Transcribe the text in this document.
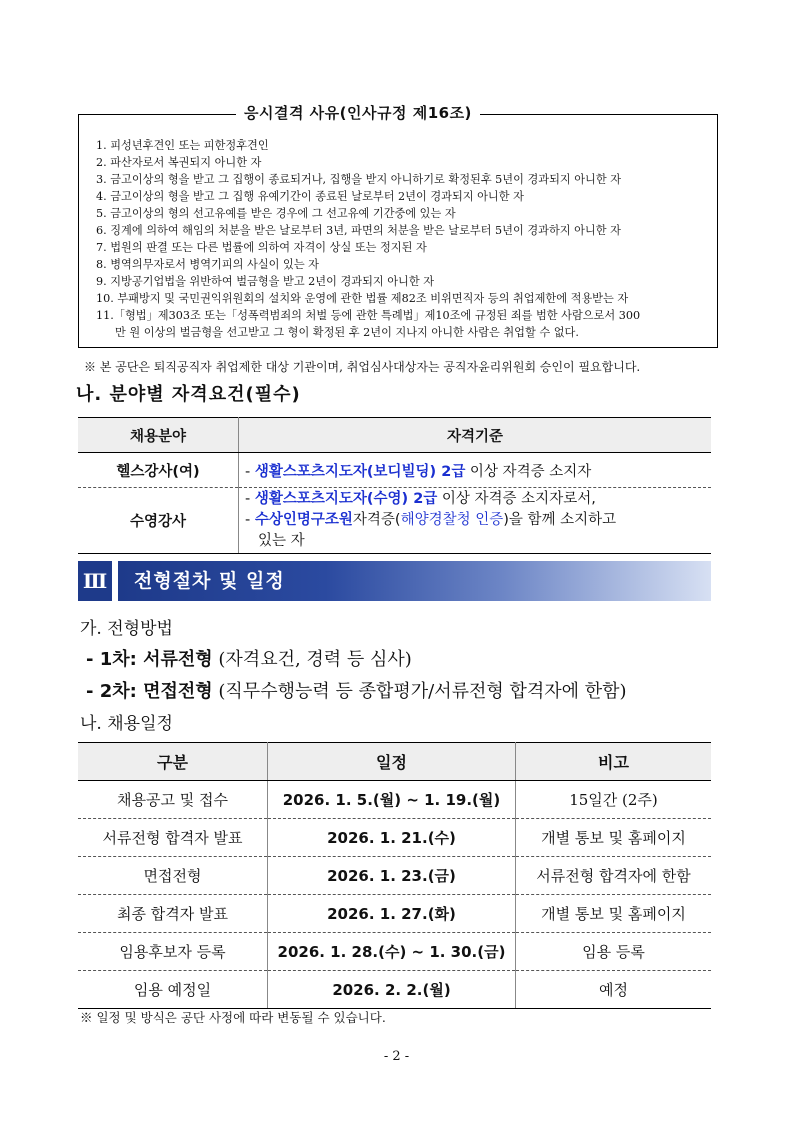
응시결격 사유(인사규정 제16조)
1. 피성년후견인 또는 피한정후견인
2. 파산자로서 복권되지 아니한 자
3. 금고이상의 형을 받고 그 집행이 종료되거나, 집행을 받지 아니하기로 확정된후 5년이 경과되지 아니한 자
4. 금고이상의 형을 받고 그 집행 유예기간이 종료된 날로부터 2년이 경과되지 아니한 자
5. 금고이상의 형의 선고유예를 받은 경우에 그 선고유예 기간중에 있는 자
6. 징계에 의하여 해임의 처분을 받은 날로부터 3년, 파면의 처분을 받은 날로부터 5년이 경과하지 아니한 자
7. 법원의 판결 또는 다른 법률에 의하여 자격이 상실 또는 정지된 자
8. 병역의무자로서 병역기피의 사실이 있는 자
9. 지방공기업법을 위반하여 벌금형을 받고 2년이 경과되지 아니한 자
10. 부패방지 및 국민권익위원회의 설치와 운영에 관한 법률 제82조 비위면직자 등의 취업제한에 적용받는 자
11.「형법」제303조 또는「성폭력범죄의 처벌 등에 관한 특례법」제10조에 규정된 죄를 범한 사람으로서 300
만 원 이상의 벌금형을 선고받고 그 형이 확정된 후 2년이 지나지 아니한 사람은 취업할 수 없다.
※ 본 공단은 퇴직공직자 취업제한 대상 기관이며, 취업심사대상자는 공직자윤리위원회 승인이 필요합니다.
나. 분야별 자격요건(필수)
채용분야	자격기준
헬스강사(여)	- 생활스포츠지도자(보디빌딩) 2급 이상 자격증 소지자
수영강사	- 생활스포츠지도자(수영) 2급 이상 자격증 소지자로서,
- 수상인명구조원자격증(해양경찰청 인증)을 함께 소지하고
있는 자
Ⅲ 전형절차 및 일정
가. 전형방법
- 1차: 서류전형 (자격요건, 경력 등 심사)
- 2차: 면접전형 (직무수행능력 등 종합평가/서류전형 합격자에 한함)
나. 채용일정
구분	일정	비고
채용공고 및 접수	2026. 1. 5.(월) ~ 1. 19.(월)	15일간 (2주)
서류전형 합격자 발표	2026. 1. 21.(수)	개별 통보 및 홈페이지
면접전형	2026. 1. 23.(금)	서류전형 합격자에 한함
최종 합격자 발표	2026. 1. 27.(화)	개별 통보 및 홈페이지
임용후보자 등록	2026. 1. 28.(수) ~ 1. 30.(금)	임용 등록
임용 예정일	2026. 2. 2.(월)	예정
※ 일정 및 방식은 공단 사정에 따라 변동될 수 있습니다.
- 2 -
